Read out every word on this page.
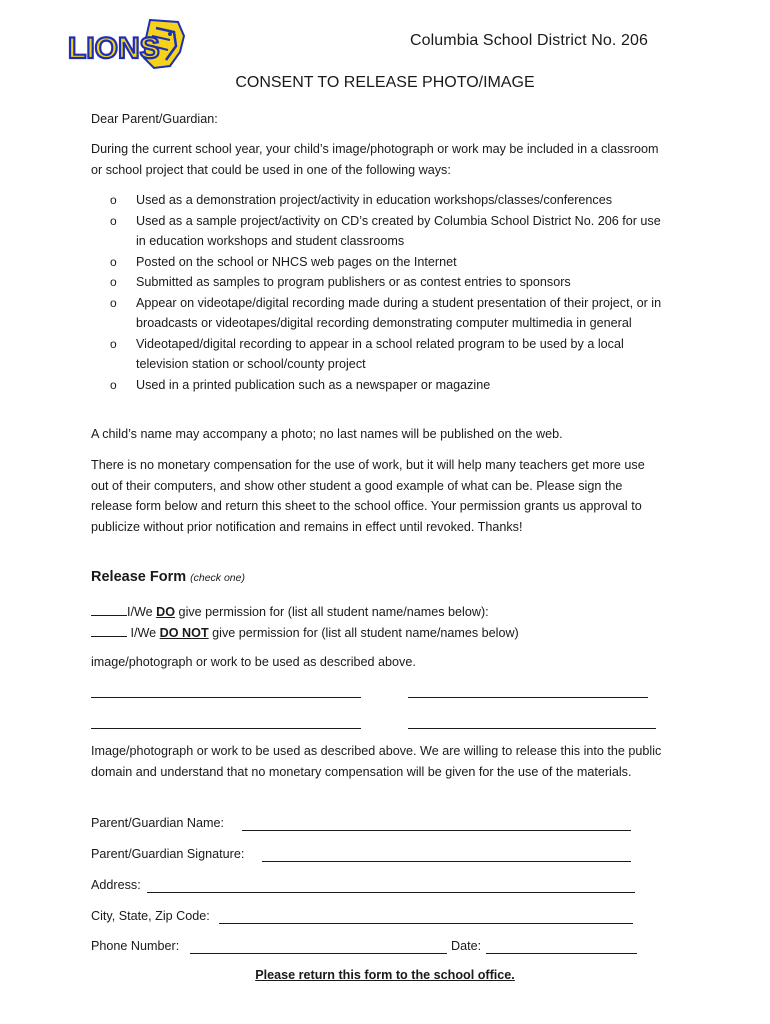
LIONS	Columbia School District No. 206
CONSENT TO RELEASE PHOTO/IMAGE
Dear Parent/Guardian:
During the current school year, your child’s image/photograph or work may be included in a classroom or school project that could be used in one of the following ways:
o Used as a demonstration project/activity in education workshops/classes/conferences
o Used as a sample project/activity on CD’s created by Columbia School District No. 206 for use in education workshops and student classrooms
o Posted on the school or NHCS web pages on the Internet
o Submitted as samples to program publishers or as contest entries to sponsors
o Appear on videotape/digital recording made during a student presentation of their project, or in broadcasts or videotapes/digital recording demonstrating computer multimedia in general
o Videotaped/digital recording to appear in a school related program to be used by a local television station or school/county project
o Used in a printed publication such as a newspaper or magazine
A child’s name may accompany a photo; no last names will be published on the web.
There is no monetary compensation for the use of work, but it will help many teachers get more use out of their computers, and show other student a good example of what can be. Please sign the release form below and return this sheet to the school office. Your permission grants us approval to publicize without prior notification and remains in effect until revoked. Thanks!
Release Form (check one)
I/We DO give permission for (list all student name/names below):
I/We DO NOT give permission for (list all student name/names below)
image/photograph or work to be used as described above.
Image/photograph or work to be used as described above. We are willing to release this into the public domain and understand that no monetary compensation will be given for the use of the materials.
Parent/Guardian Name:
Parent/Guardian Signature:
Address:
City, State, Zip Code:
Phone Number:	Date:
Please return this form to the school office.
